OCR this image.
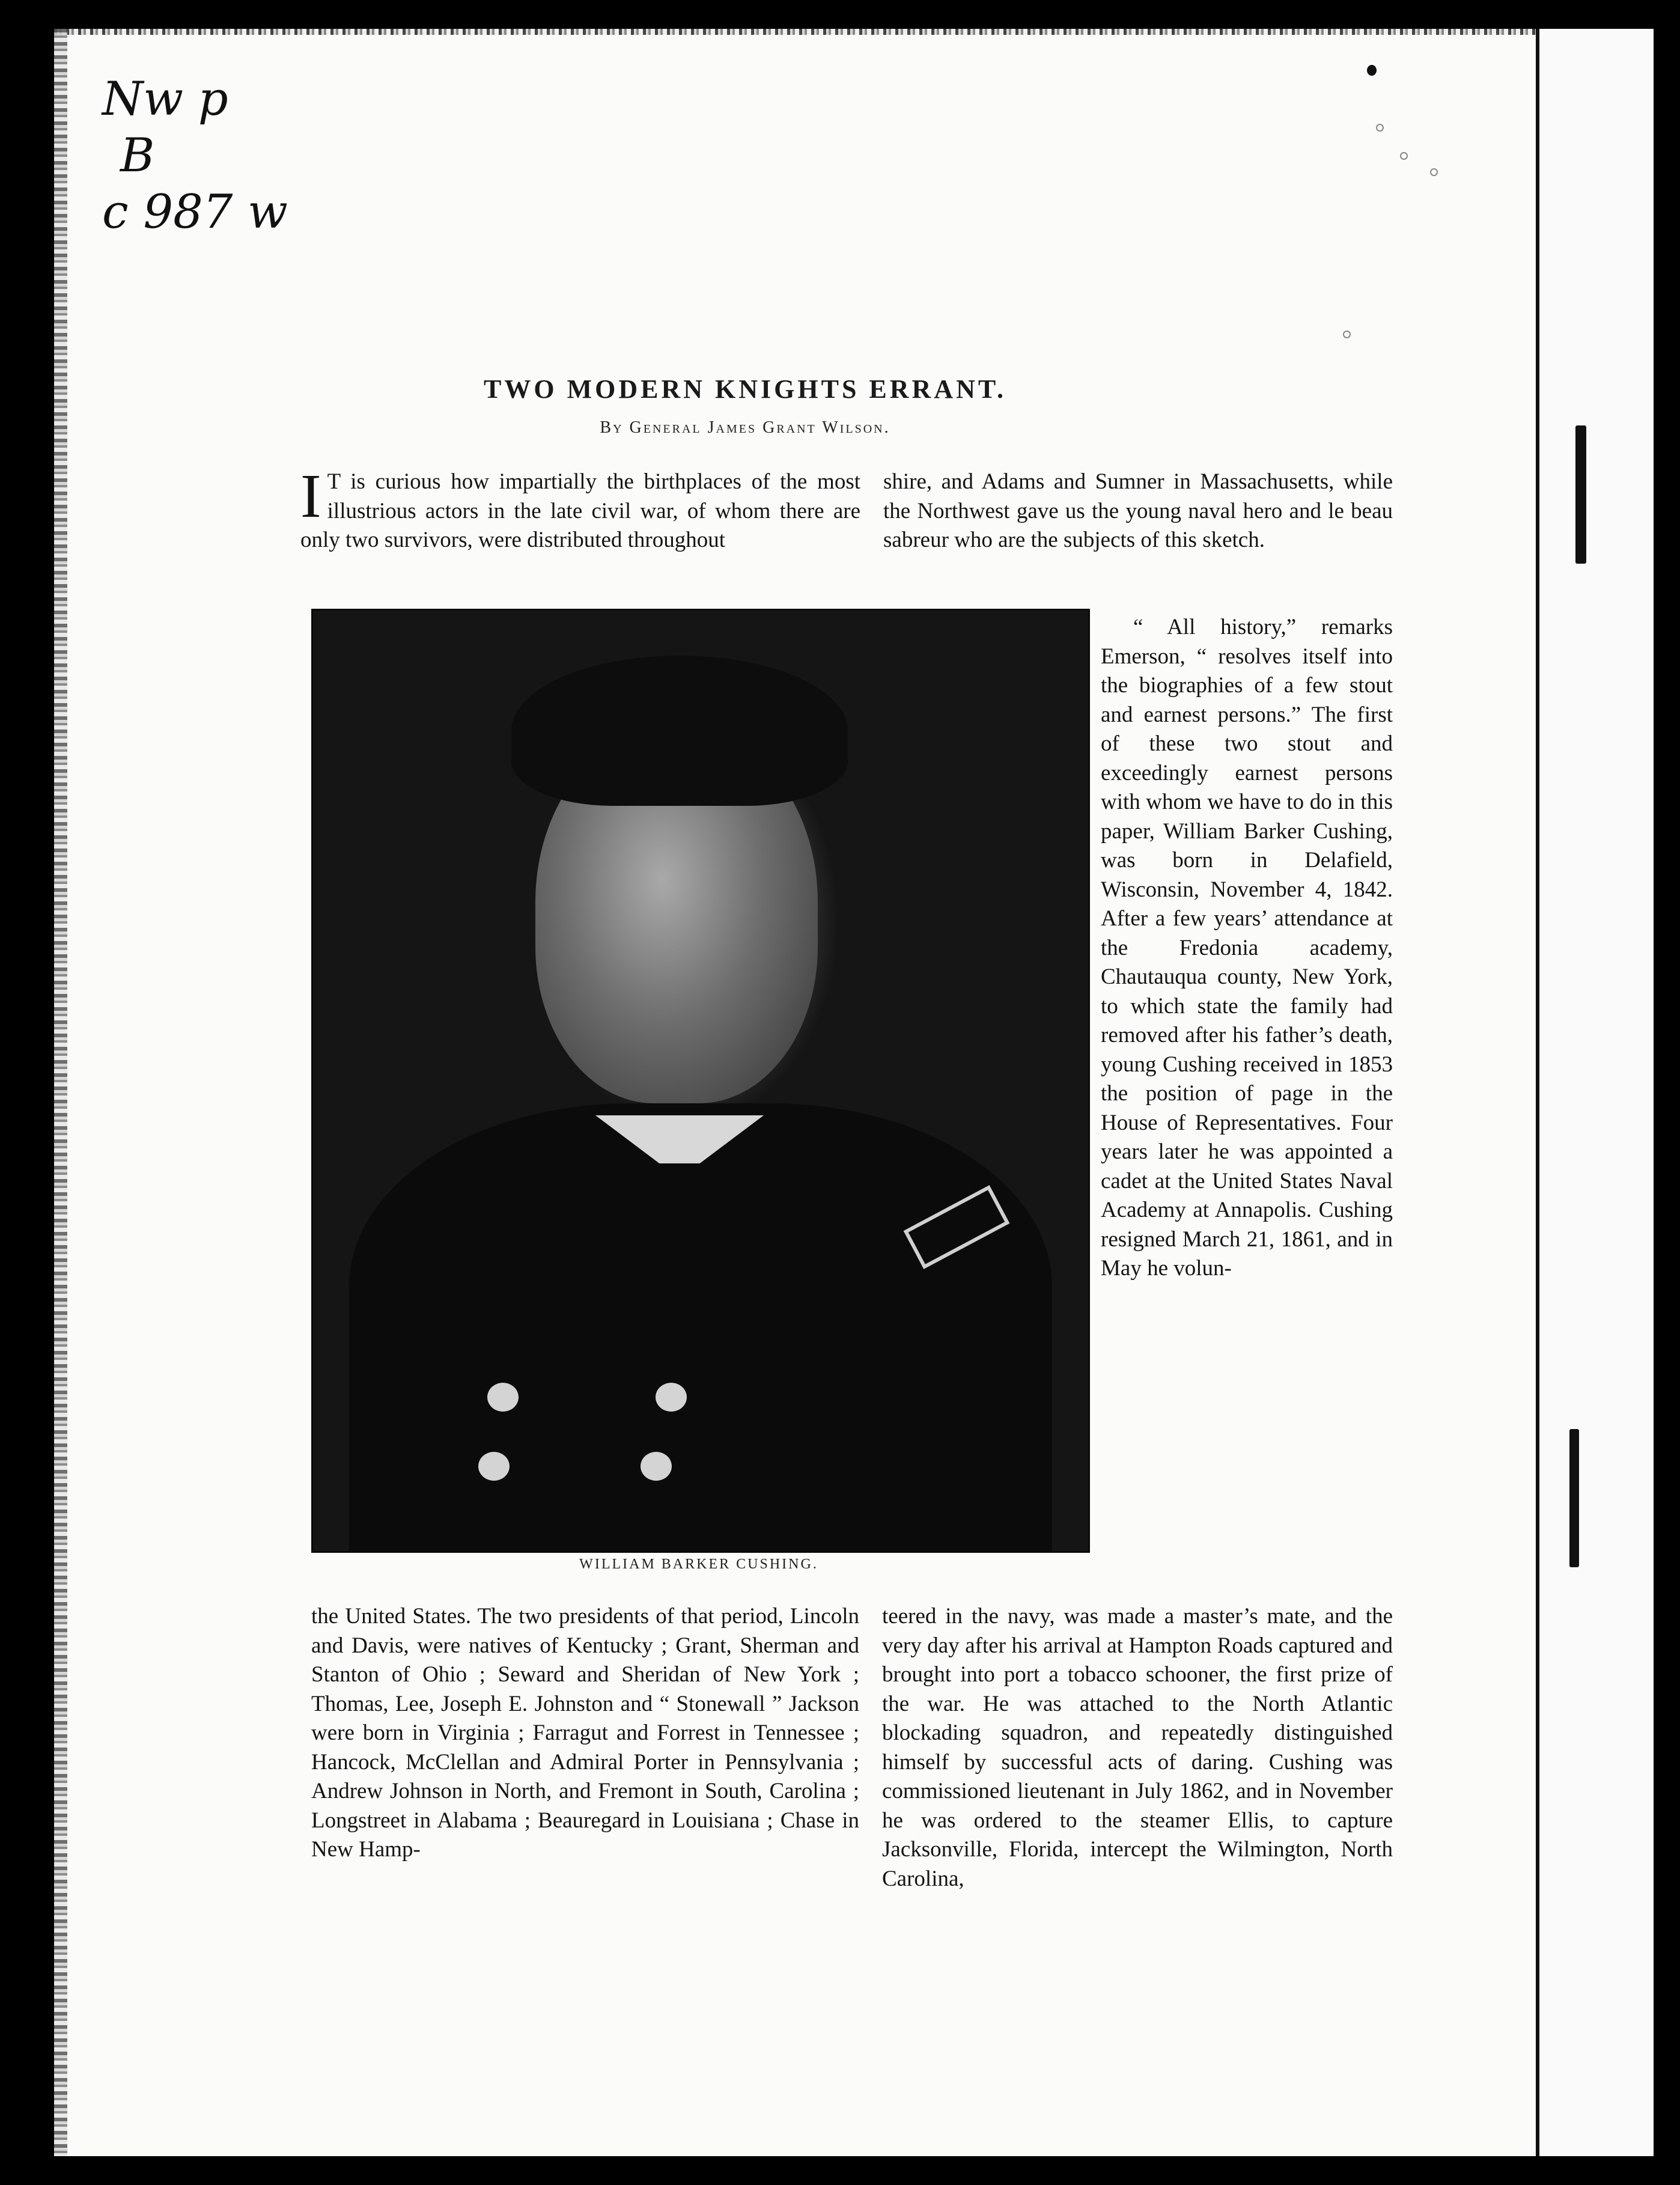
Nw p
B
c 987 w
TWO MODERN KNIGHTS ERRANT.
By General James Grant Wilson.

I T is curious how impartially the birthplaces of the most illustrious actors in the late civil war, of whom there are only two survivors, were distributed throughout

shire, and Adams and Sumner in Massachusetts, while the Northwest gave us the young naval hero and le beau sabreur who are the subjects of this sketch.

“ All history,” remarks Emerson, “ resolves itself into the biographies of a few stout and earnest persons.” The first of these two stout and exceedingly earnest persons with whom we have to do in this paper, William Barker Cushing, was born in Delafield, Wisconsin, November 4, 1842. After a few years’ attendance at the Fredonia academy, Chautauqua county, New York, to which state the family had removed after his father’s death, young Cushing received in 1853 the position of page in the House of Representatives. Four years later he was appointed a cadet at the United States Naval Academy at Annapolis. Cushing resigned March 21, 1861, and in May he volun-

WILLIAM BARKER CUSHING.

the United States. The two presidents of that period, Lincoln and Davis, were natives of Kentucky ; Grant, Sherman and Stanton of Ohio ; Seward and Sheridan of New York ; Thomas, Lee, Joseph E. Johnston and “ Stonewall ” Jackson were born in Virginia ; Farragut and Forrest in Tennessee ; Hancock, McClellan and Admiral Porter in Pennsylvania ; Andrew Johnson in North, and Fremont in South, Carolina ; Longstreet in Alabama ; Beauregard in Louisiana ; Chase in New Hamp-

teered in the navy, was made a master’s mate, and the very day after his arrival at Hampton Roads captured and brought into port a tobacco schooner, the first prize of the war. He was attached to the North Atlantic blockading squadron, and repeatedly distinguished himself by successful acts of daring. Cushing was commissioned lieutenant in July 1862, and in November he was ordered to the steamer Ellis, to capture Jacksonville, Florida, intercept the Wilmington, North Carolina,
